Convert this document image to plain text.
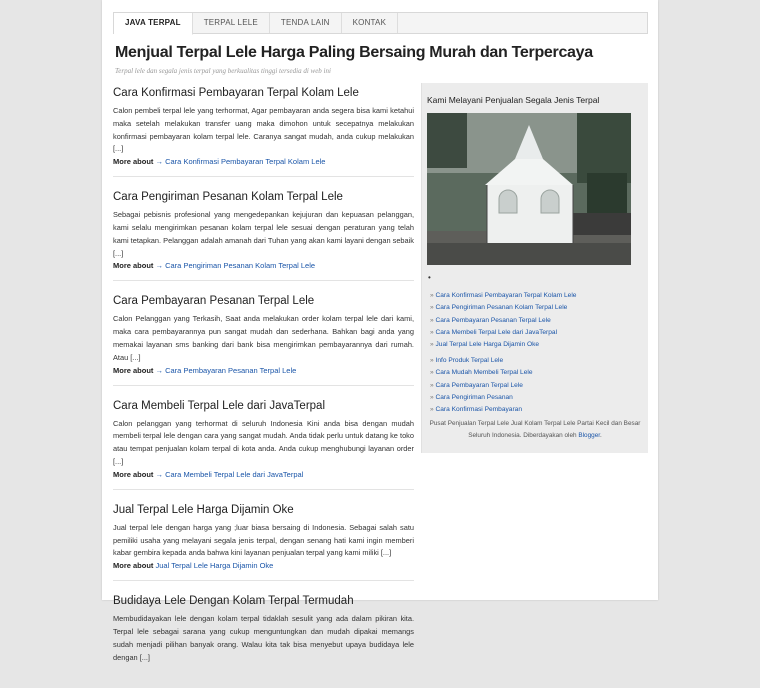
JAVA TERPAL	TERPAL LELE	TENDA LAIN	KONTAK
Menjual Terpal Lele Harga Paling Bersaing Murah dan Terpercaya
Terpal lele dan segala jenis terpal yang berkualitas tinggi tersedia di web ini
Cara Konfirmasi Pembayaran Terpal Kolam Lele

Calon pembeli terpal lele yang terhormat, Agar pembayaran anda segera bisa kami ketahui maka setelah melakukan transfer uang maka dimohon untuk secepatnya melakukan konfirmasi pembayaran kolam terpal lele. Caranya sangat mudah, anda cukup melakukan [...]

More about → Cara Konfirmasi Pembayaran Terpal Kolam Lele
Cara Pengiriman Pesanan Kolam Terpal Lele

Sebagai pebisnis profesional yang mengedepankan kejujuran dan kepuasan pelanggan, kami selalu mengirimkan pesanan kolam terpal lele sesuai dengan peraturan yang telah kami tetapkan. Pelanggan adalah amanah dari Tuhan yang akan kami layani dengan sebaik [...]

More about → Cara Pengiriman Pesanan Kolam Terpal Lele
Cara Pembayaran Pesanan Terpal Lele

Calon Pelanggan yang Terkasih, Saat anda melakukan order kolam terpal lele dari kami, maka cara pembayarannya pun sangat mudah dan sederhana. Bahkan bagi anda yang memakai layanan sms banking dari bank bisa mengirimkan pembayarannya dari rumah. Atau [...]

More about → Cara Pembayaran Pesanan Terpal Lele
Cara Membeli Terpal Lele dari JavaTerpal

Calon pelanggan yang terhormat di seluruh Indonesia Kini anda bisa dengan mudah membeli terpal lele dengan cara yang sangat mudah. Anda tidak perlu untuk datang ke toko atau tempat penjualan kolam terpal di kota anda. Anda cukup menghubungi layanan order [...]

More about → Cara Membeli Terpal Lele dari JavaTerpal
Jual Terpal Lele Harga Dijamin Oke

Jual terpal lele dengan harga yang ;luar biasa bersaing di Indonesia. Sebagai salah satu pemiliki usaha yang melayani segala jenis terpal, dengan senang hati kami ingin memberi kabar gembira kepada anda bahwa kini layanan penjualan terpal yang kami miliki [...]

More about Jual Terpal Lele Harga Dijamin Oke
Budidaya Lele Dengan Kolam Terpal Termudah

Membudidayakan lele dengan kolam terpal tidaklah sesulit yang ada dalam pikiran kita. Terpal lele sebagai sarana yang cukup menguntungkan dan mudah dipakai memangs sudah menjadi pilihan banyak orang. Walau kita tak bisa menyebut upaya budidaya lele dengan [...]

Kami Melayani Penjualan Segala Jenis Terpal
•
» Cara Konfirmasi Pembayaran Terpal Kolam Lele
» Cara Pengiriman Pesanan Kolam Terpal Lele
» Cara Pembayaran Pesanan Terpal Lele
» Cara Membeli Terpal Lele dari JavaTerpal
» Jual Terpal Lele Harga Dijamin Oke
» Info Produk Terpal Lele
» Cara Mudah Membeli Terpal Lele
» Cara Pembayaran Terpal Lele
» Cara Pengiriman Pesanan
» Cara Konfirmasi Pembayaran
Pusat Penjualan Terpal Lele Jual Kolam Terpal Lele Partai Kecil dan Besar Seluruh Indonesia. Diberdayakan oleh Blogger.
